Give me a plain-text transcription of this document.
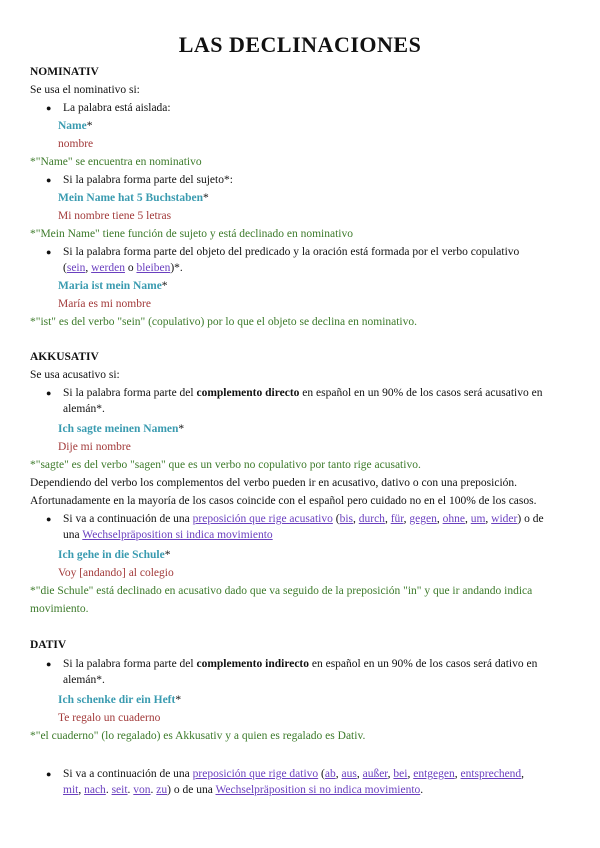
LAS DECLINACIONES
NOMINATIV
Se usa el nominativo si:
● La palabra está aislada:
Name*
nombre
*"Name" se encuentra en nominativo
● Si la palabra forma parte del sujeto*:
Mein Name hat 5 Buchstaben*
Mi nombre tiene 5 letras
*"Mein Name" tiene función de sujeto y está declinado en nominativo
● Si la palabra forma parte del objeto del predicado y la oración está formada por el verbo copulativo
(sein, werden o bleiben)*.
Maria ist mein Name*
María es mi nombre
*"ist" es del verbo "sein" (copulativo) por lo que el objeto se declina en nominativo.
AKKUSATIV
Se usa acusativo si:
● Si la palabra forma parte del complemento directo en español en un 90% de los casos será acusativo en
alemán*.
Ich sagte meinen Namen*
Dije mi nombre
*"sagte" es del verbo "sagen" que es un verbo no copulativo por tanto rige acusativo.
Dependiendo del verbo los complementos del verbo pueden ir en acusativo, dativo o con una preposición.
Afortunadamente en la mayoría de los casos coincide con el español pero cuidado no en el 100% de los casos.
● Si va a continuación de una preposición que rige acusativo (bis, durch, für, gegen, ohne, um, wider) o de
una Wechselpräposition si indica movimiento
Ich gehe in die Schule*
Voy [andando] al colegio
*"die Schule" está declinado en acusativo dado que va seguido de la preposición "in" y que ir andando indica
movimiento.
DATIV
● Si la palabra forma parte del complemento indirecto en español en un 90% de los casos será dativo en
alemán*.
Ich schenke dir ein Heft*
Te regalo un cuaderno
*"el cuaderno" (lo regalado) es Akkusativ y a quien es regalado es Dativ.
● Si va a continuación de una preposición que rige dativo (ab, aus, außer, bei, entgegen, entsprechend,
mit, nach. seit. von. zu) o de una Wechselpräposition si no indica movimiento.
